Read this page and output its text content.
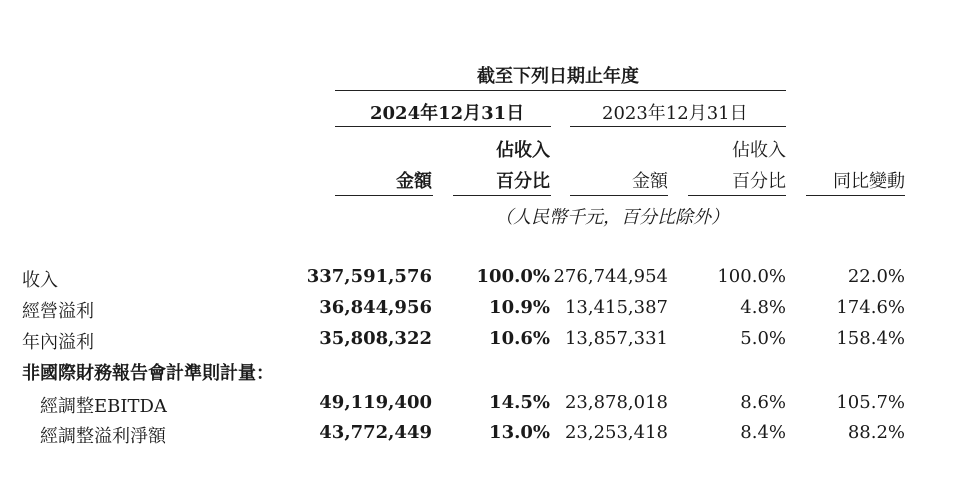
截至下列日期止年度
2024年12月31日	2023年12月31日
佔收入	佔收入
金額	百分比	金額	百分比	同比變動
（人民幣千元，百分比除外）
收入	337,591,576 100.0% 276,744,954	100.0%	22.0%
經營溢利	36,844,956	10.9% 13,415,387	4.8%	174.6%
年內溢利	35,808,322	10.6% 13,857,331	5.0%	158.4%
非國際財務報告會計準則計量：
經調整EBITDA	49,119,400	14.5% 23,878,018	8.6%	105.7%
經調整溢利淨額	43,772,449	13.0% 23,253,418	8.4%	88.2%
